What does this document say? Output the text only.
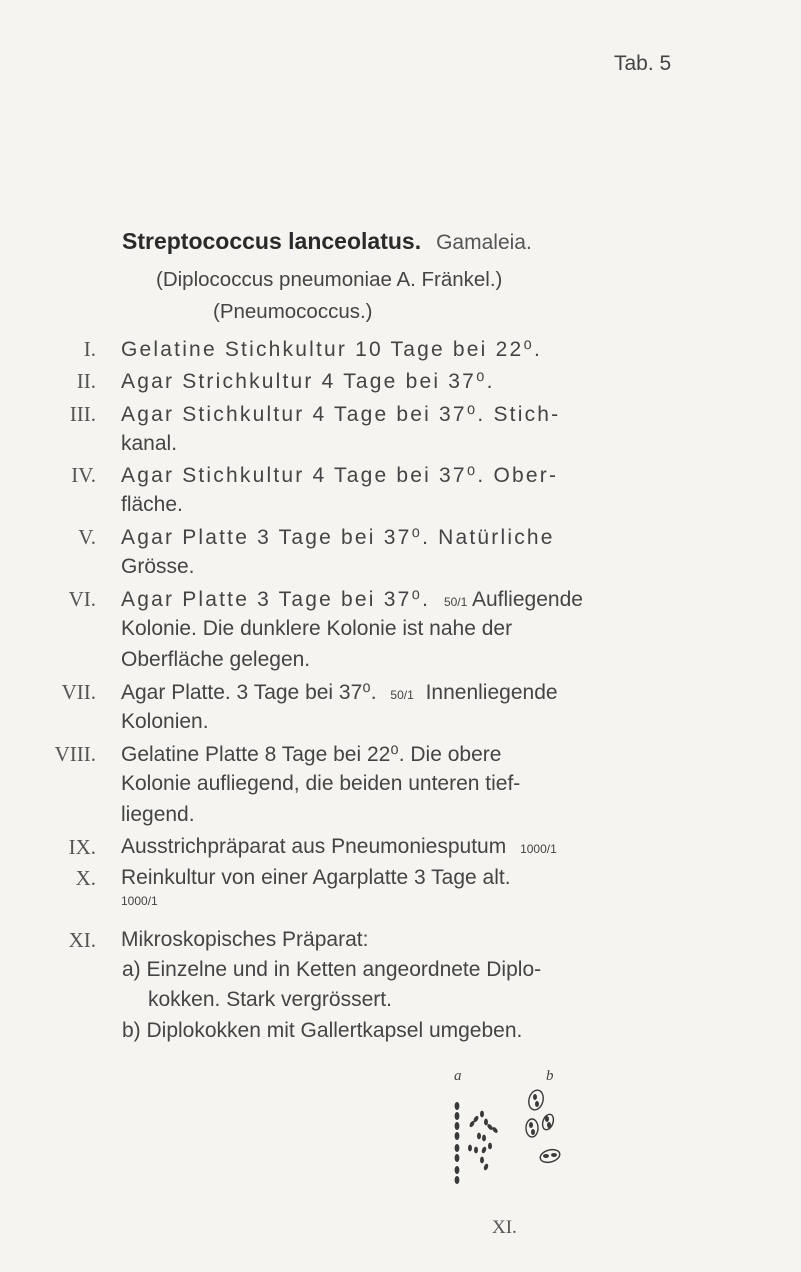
Tab. 5
Streptococcus lanceolatus. Gamaleia.
(Diplococcus pneumoniae A. Fränkel.)
(Pneumococcus.)
I. Gelatine Stichkultur 10 Tage bei 22⁰.
II. Agar Strichkultur 4 Tage bei 37⁰.
III. Agar Stichkultur 4 Tage bei 37⁰. Stich-
kanal.
IV. Agar Stichkultur 4 Tage bei 37⁰. Ober-
fläche.
V. Agar Platte 3 Tage bei 37⁰. Natürliche
Grösse.
VI. Agar Platte 3 Tage bei 37⁰. 50/1 Aufliegende
Kolonie. Die dunklere Kolonie ist nahe der
Oberfläche gelegen.
VII. Agar Platte. 3 Tage bei 37⁰. 50/1 Innenliegende
Kolonien.
VIII. Gelatine Platte 8 Tage bei 22⁰. Die obere
Kolonie aufliegend, die beiden unteren tief-
liegend.
IX. Ausstrichpräparat aus Pneumoniesputum 1000/1
X. Reinkultur von einer Agarplatte 3 Tage alt.
1000/1
XI. Mikroskopisches Präparat:
a) Einzelne und in Ketten angeordnete Diplo-
kokken. Stark vergrössert.
b) Diplokokken mit Gallertkapsel umgeben.
a	b
XI.
